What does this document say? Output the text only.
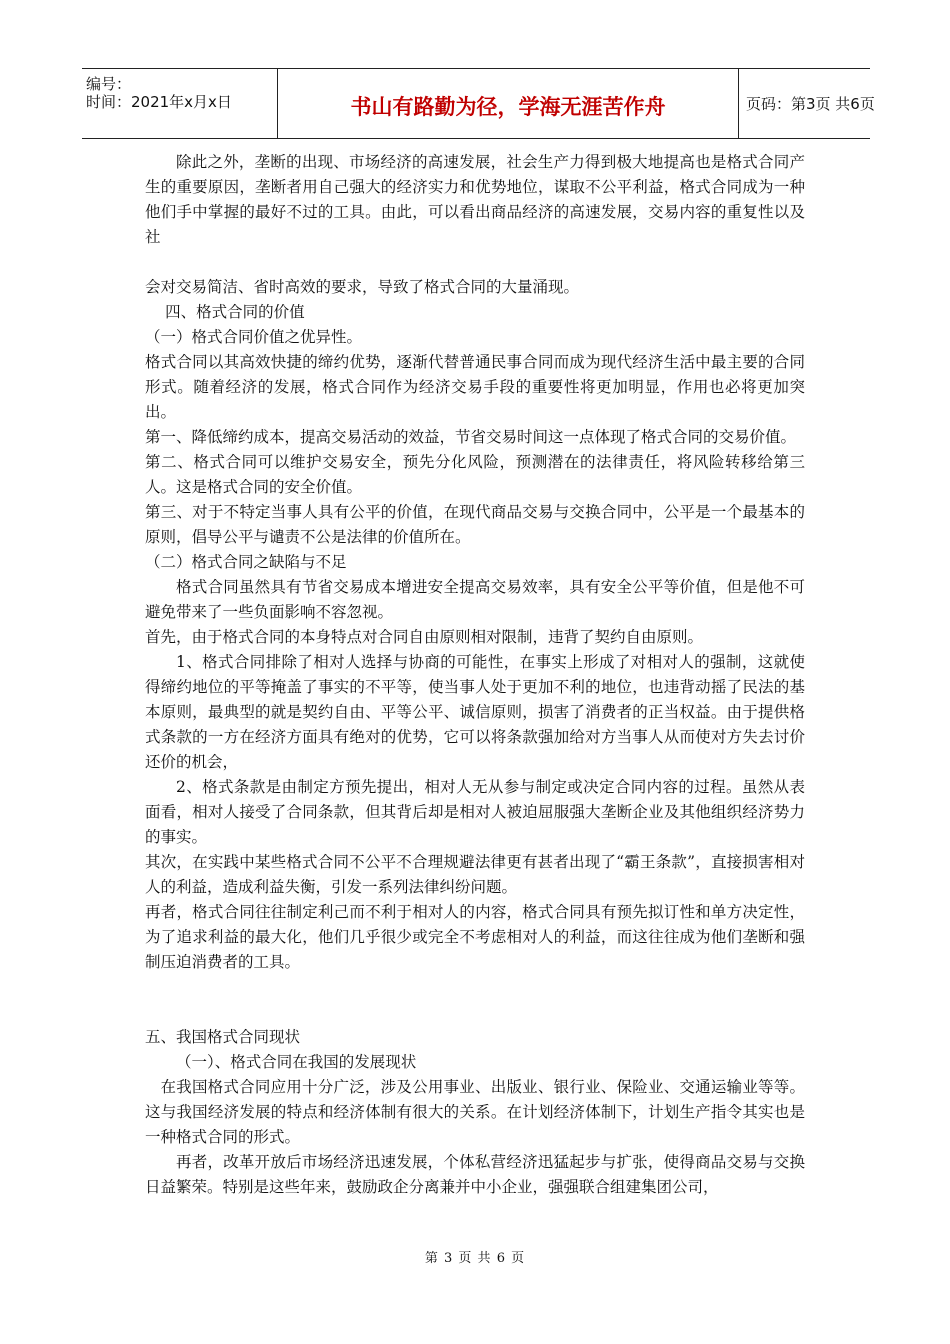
编号：
时间：2021年x月x日	书山有路勤为径，学海无涯苦作舟	页码：第3页 共6页

除此之外，垄断的出现、市场经济的高速发展，社会生产力得到极大地提高也是格式合同产生的重要原因，垄断者用自己强大的经济实力和优势地位，谋取不公平利益，格式合同成为一种他们手中掌握的最好不过的工具。由此，可以看出商品经济的高速发展，交易内容的重复性以及社

会对交易简洁、省时高效的要求，导致了格式合同的大量涌现。

四、格式合同的价值

（一）格式合同价值之优异性。

格式合同以其高效快捷的缔约优势，逐渐代替普通民事合同而成为现代经济生活中最主要的合同形式。随着经济的发展，格式合同作为经济交易手段的重要性将更加明显，作用也必将更加突出。

第一、降低缔约成本，提高交易活动的效益，节省交易时间这一点体现了格式合同的交易价值。

第二、格式合同可以维护交易安全，预先分化风险，预测潜在的法律责任，将风险转移给第三人。这是格式合同的安全价值。

第三、对于不特定当事人具有公平的价值，在现代商品交易与交换合同中，公平是一个最基本的原则，倡导公平与谴责不公是法律的价值所在。

（二）格式合同之缺陷与不足

格式合同虽然具有节省交易成本增进安全提高交易效率，具有安全公平等价值，但是他不可避免带来了一些负面影响不容忽视。

首先，由于格式合同的本身特点对合同自由原则相对限制，违背了契约自由原则。

1、格式合同排除了相对人选择与协商的可能性，在事实上形成了对相对人的强制，这就使得缔约地位的平等掩盖了事实的不平等，使当事人处于更加不利的地位，也违背动摇了民法的基本原则，最典型的就是契约自由、平等公平、诚信原则，损害了消费者的正当权益。由于提供格式条款的一方在经济方面具有绝对的优势，它可以将条款强加给对方当事人从而使对方失去讨价还价的机会，

2、格式条款是由制定方预先提出，相对人无从参与制定或决定合同内容的过程。虽然从表面看，相对人接受了合同条款，但其背后却是相对人被迫屈服强大垄断企业及其他组织经济势力的事实。

其次，在实践中某些格式合同不公平不合理规避法律更有甚者出现了“霸王条款”，直接损害相对人的利益，造成利益失衡，引发一系列法律纠纷问题。

再者，格式合同往往制定利己而不利于相对人的内容，格式合同具有预先拟订性和单方决定性，为了追求利益的最大化，他们几乎很少或完全不考虑相对人的利益，而这往往成为他们垄断和强制压迫消费者的工具。

五、我国格式合同现状

（一）、格式合同在我国的发展现状

在我国格式合同应用十分广泛，涉及公用事业、出版业、银行业、保险业、交通运输业等等。这与我国经济发展的特点和经济体制有很大的关系。在计划经济体制下，计划生产指令其实也是一种格式合同的形式。

再者，改革开放后市场经济迅速发展，个体私营经济迅猛起步与扩张，使得商品交易与交换日益繁荣。特别是这些年来，鼓励政企分离兼并中小企业，强强联合组建集团公司，

第 3 页 共 6 页
